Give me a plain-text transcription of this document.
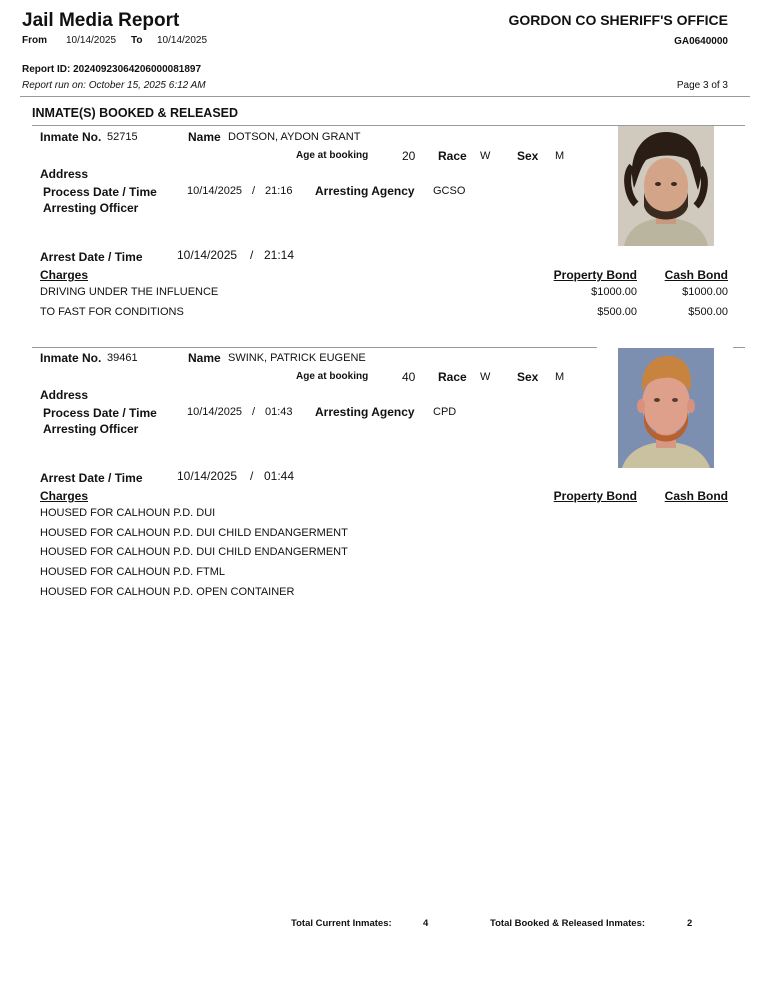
Jail Media Report
From 10/14/2025 To 10/14/2025
GORDON CO SHERIFF'S OFFICE
GA0640000
Report ID: 20240923064206000081897
Report run on: October 15, 2025 6:12 AM	Page 3 of 3
INMATE(S) BOOKED & RELEASED
Inmate No. 52715	Name DOTSON, AYDON GRANT
Age at booking	20 Race W Sex M
Address
Process Date / Time	10/14/2025 / 21:16 Arresting Agency GCSO
Arresting Officer
Arrest Date / Time	10/14/2025 / 21:14
Charges	Property Bond Cash Bond
DRIVING UNDER THE INFLUENCE	$1000.00	$1000.00
TO FAST FOR CONDITIONS	$500.00	$500.00
Inmate No. 39461	Name SWINK, PATRICK EUGENE
Age at booking	40 Race W Sex M
Address
Process Date / Time	10/14/2025 / 01:43 Arresting Agency CPD
Arresting Officer
Arrest Date / Time	10/14/2025 / 01:44
Charges	Property Bond Cash Bond
HOUSED FOR CALHOUN P.D. DUI
HOUSED FOR CALHOUN P.D. DUI CHILD ENDANGERMENT
HOUSED FOR CALHOUN P.D. DUI CHILD ENDANGERMENT
HOUSED FOR CALHOUN P.D. FTML
HOUSED FOR CALHOUN P.D. OPEN CONTAINER
Total Current Inmates:	4	Total Booked & Released Inmates:	2
